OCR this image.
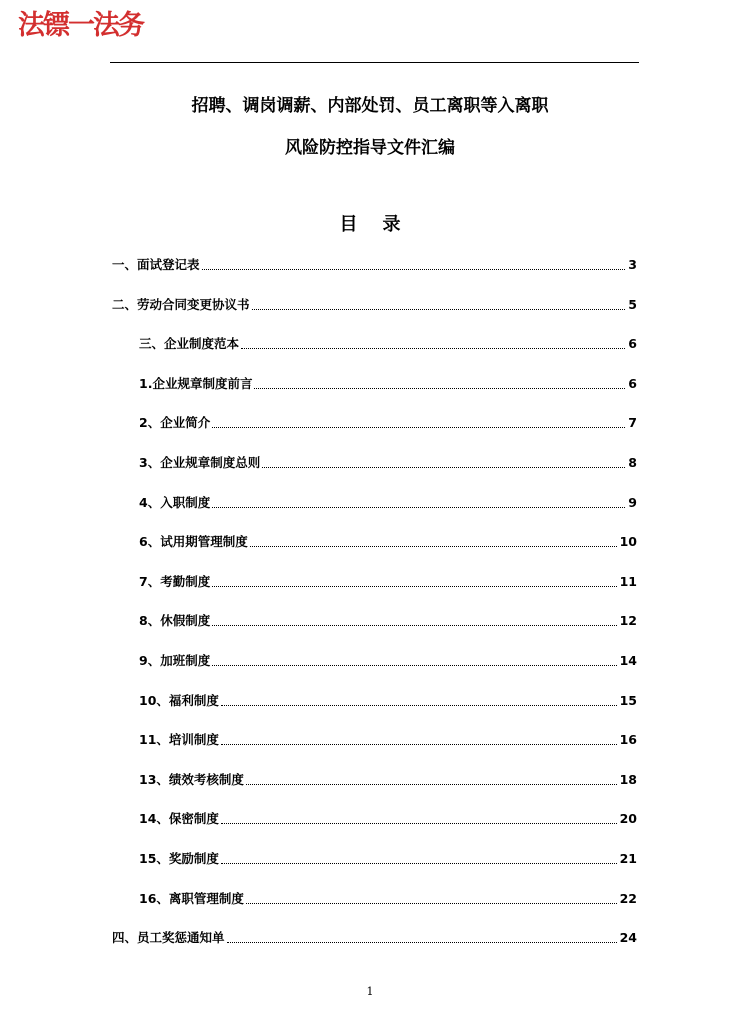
法镖一法务
招聘、调岗调薪、内部处罚、员工离职等入离职
风险防控指导文件汇编
目    录
一、面试登记表	3
二、劳动合同变更协议书	5
三、企业制度范本	6
1.企业规章制度前言	6
2、企业简介	7
3、企业规章制度总则	8
4、入职制度	9
6、试用期管理制度	10
7、考勤制度	11
8、休假制度	12
9、加班制度	14
10、福利制度	15
11、培训制度	16
13、绩效考核制度	18
14、保密制度	20
15、奖励制度	21
16、离职管理制度	22
四、员工奖惩通知单	24
1
